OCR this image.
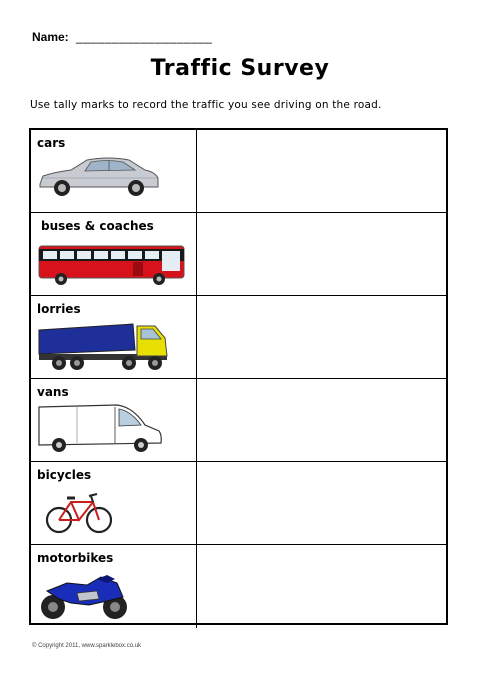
Name: ___________________
Traffic Survey
Use tally marks to record the traffic you see driving on the road.
cars
buses & coaches
lorries
vans
bicycles
motorbikes
© Copyright 2011, www.sparklebox.co.uk
